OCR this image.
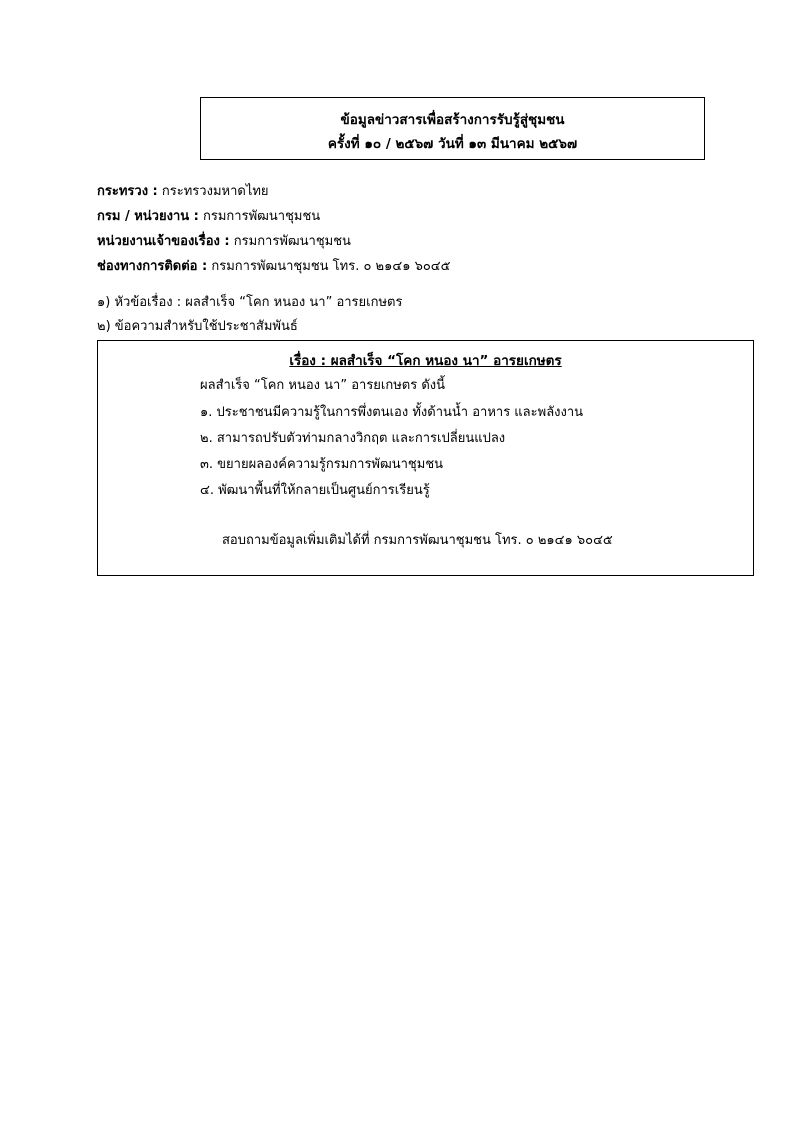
ข้อมูลข่าวสารเพื่อสร้างการรับรู้สู่ชุมชน
ครั้งที่ ๑๐ / ๒๕๖๗ วันที่ ๑๓ มีนาคม ๒๕๖๗
กระทรวง : กระทรวงมหาดไทย
กรม / หน่วยงาน : กรมการพัฒนาชุมชน
หน่วยงานเจ้าของเรื่อง : กรมการพัฒนาชุมชน
ช่องทางการติดต่อ : กรมการพัฒนาชุมชน โทร. ๐ ๒๑๔๑ ๖๐๔๕
๑) หัวข้อเรื่อง : ผลสำเร็จ “โคก หนอง นา” อารยเกษตร
๒) ข้อความสำหรับใช้ประชาสัมพันธ์
เรื่อง : ผลสำเร็จ “โคก หนอง นา” อารยเกษตร
ผลสำเร็จ “โคก หนอง นา” อารยเกษตร ดังนี้
๑. ประชาชนมีความรู้ในการพึ่งตนเอง ทั้งด้านน้ำ อาหาร และพลังงาน
๒. สามารถปรับตัวท่ามกลางวิกฤต และการเปลี่ยนแปลง
๓. ขยายผลองค์ความรู้กรมการพัฒนาชุมชน
๔. พัฒนาพื้นที่ให้กลายเป็นศูนย์การเรียนรู้
สอบถามข้อมูลเพิ่มเติมได้ที่ กรมการพัฒนาชุมชน โทร. ๐ ๒๑๔๑ ๖๐๔๕
